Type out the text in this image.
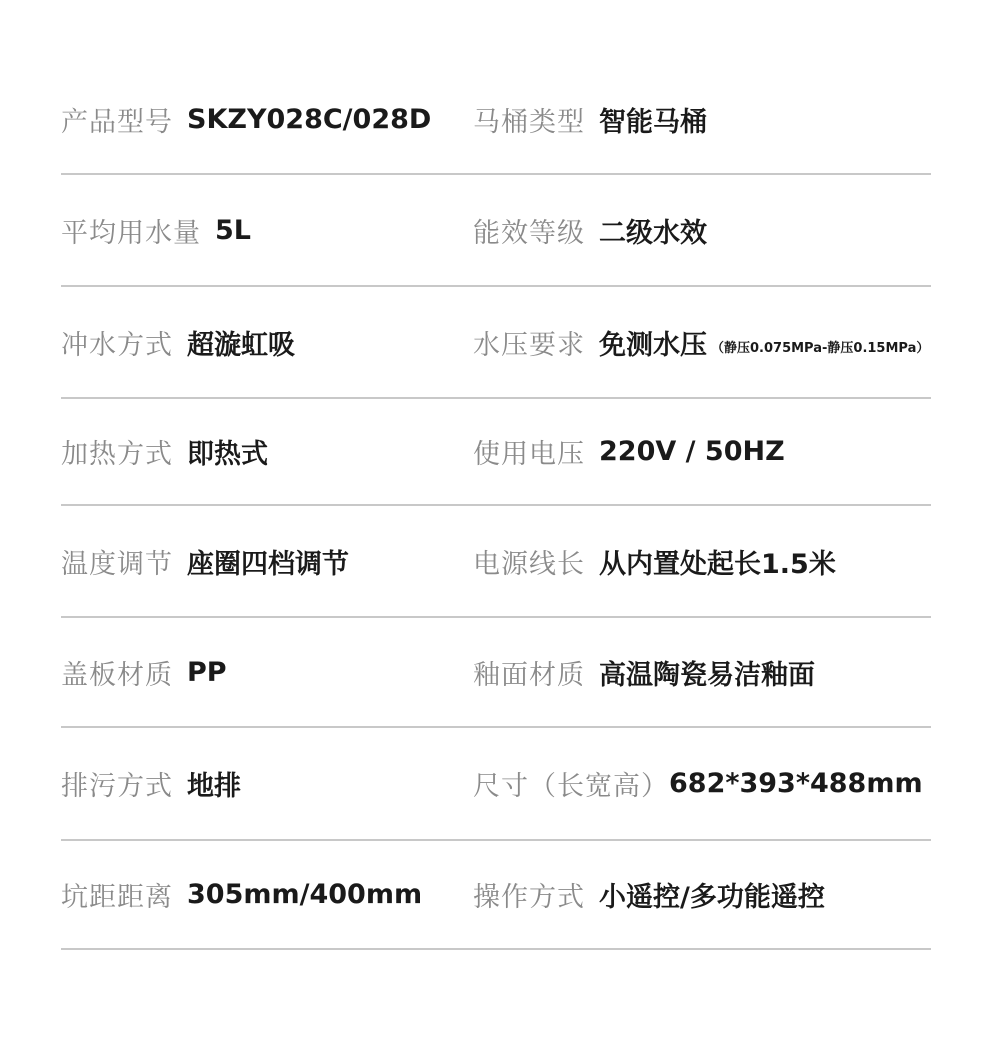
产品型号 SKZY028C/028D 马桶类型 智能马桶
平均用水量 5L	能效等级 二级水效
冲水方式 超漩虹吸	水压要求 免测水压 （静压0.075MPa-静压0.15MPa）
加热方式 即热式	使用电压 220V / 50HZ
温度调节 座圈四档调节	电源线长 从内置处起长1.5米
盖板材质 PP	釉面材质 高温陶瓷易洁釉面
排污方式 地排	尺寸（长宽高） 682*393*488mm
坑距距离 305mm/400mm 操作方式 小遥控/多功能遥控
